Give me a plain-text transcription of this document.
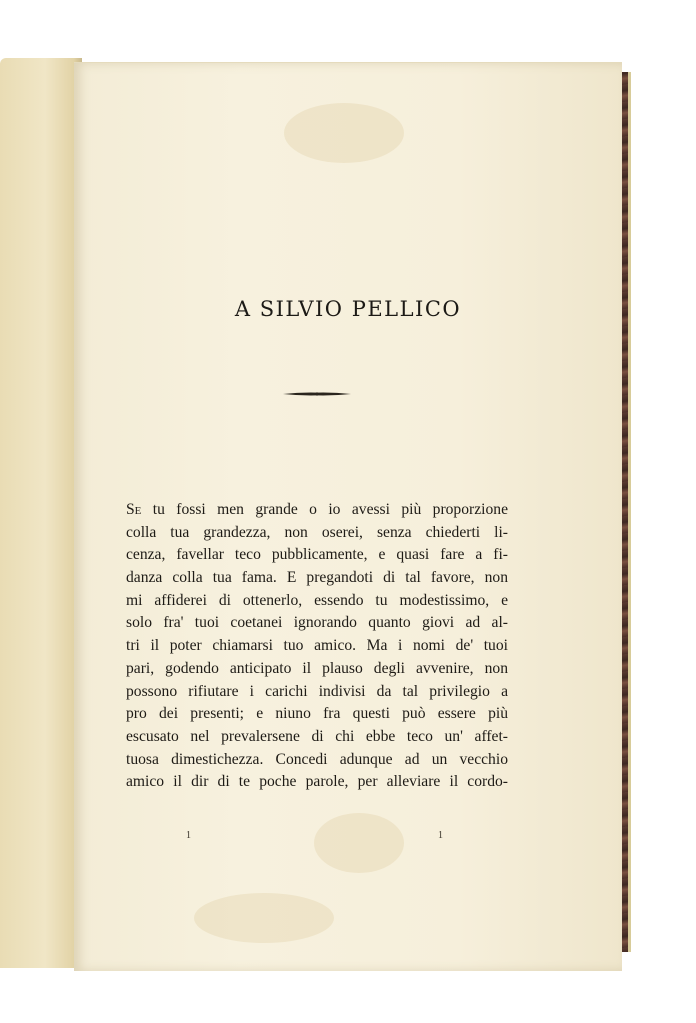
A SILVIO PELLICO
Se tu fossi men grande o io avessi più proporzione
colla tua grandezza, non oserei, senza chiederti li-
cenza, favellar teco pubblicamente, e quasi fare a fi-
danza colla tua fama. E pregandoti di tal favore, non
mi affiderei di ottenerlo, essendo tu modestissimo, e
solo fra' tuoi coetanei ignorando quanto giovi ad al-
tri il poter chiamarsi tuo amico. Ma i nomi de' tuoi
pari, godendo anticipato il plauso degli avvenire, non
possono rifiutare i carichi indivisi da tal privilegio a
pro dei presenti; e niuno fra questi può essere più
escusato nel prevalersene di chi ebbe teco un' affet-
tuosa dimestichezza. Concedi adunque ad un vecchio
amico il dir di te poche parole, per alleviare il cordo-
1	1
